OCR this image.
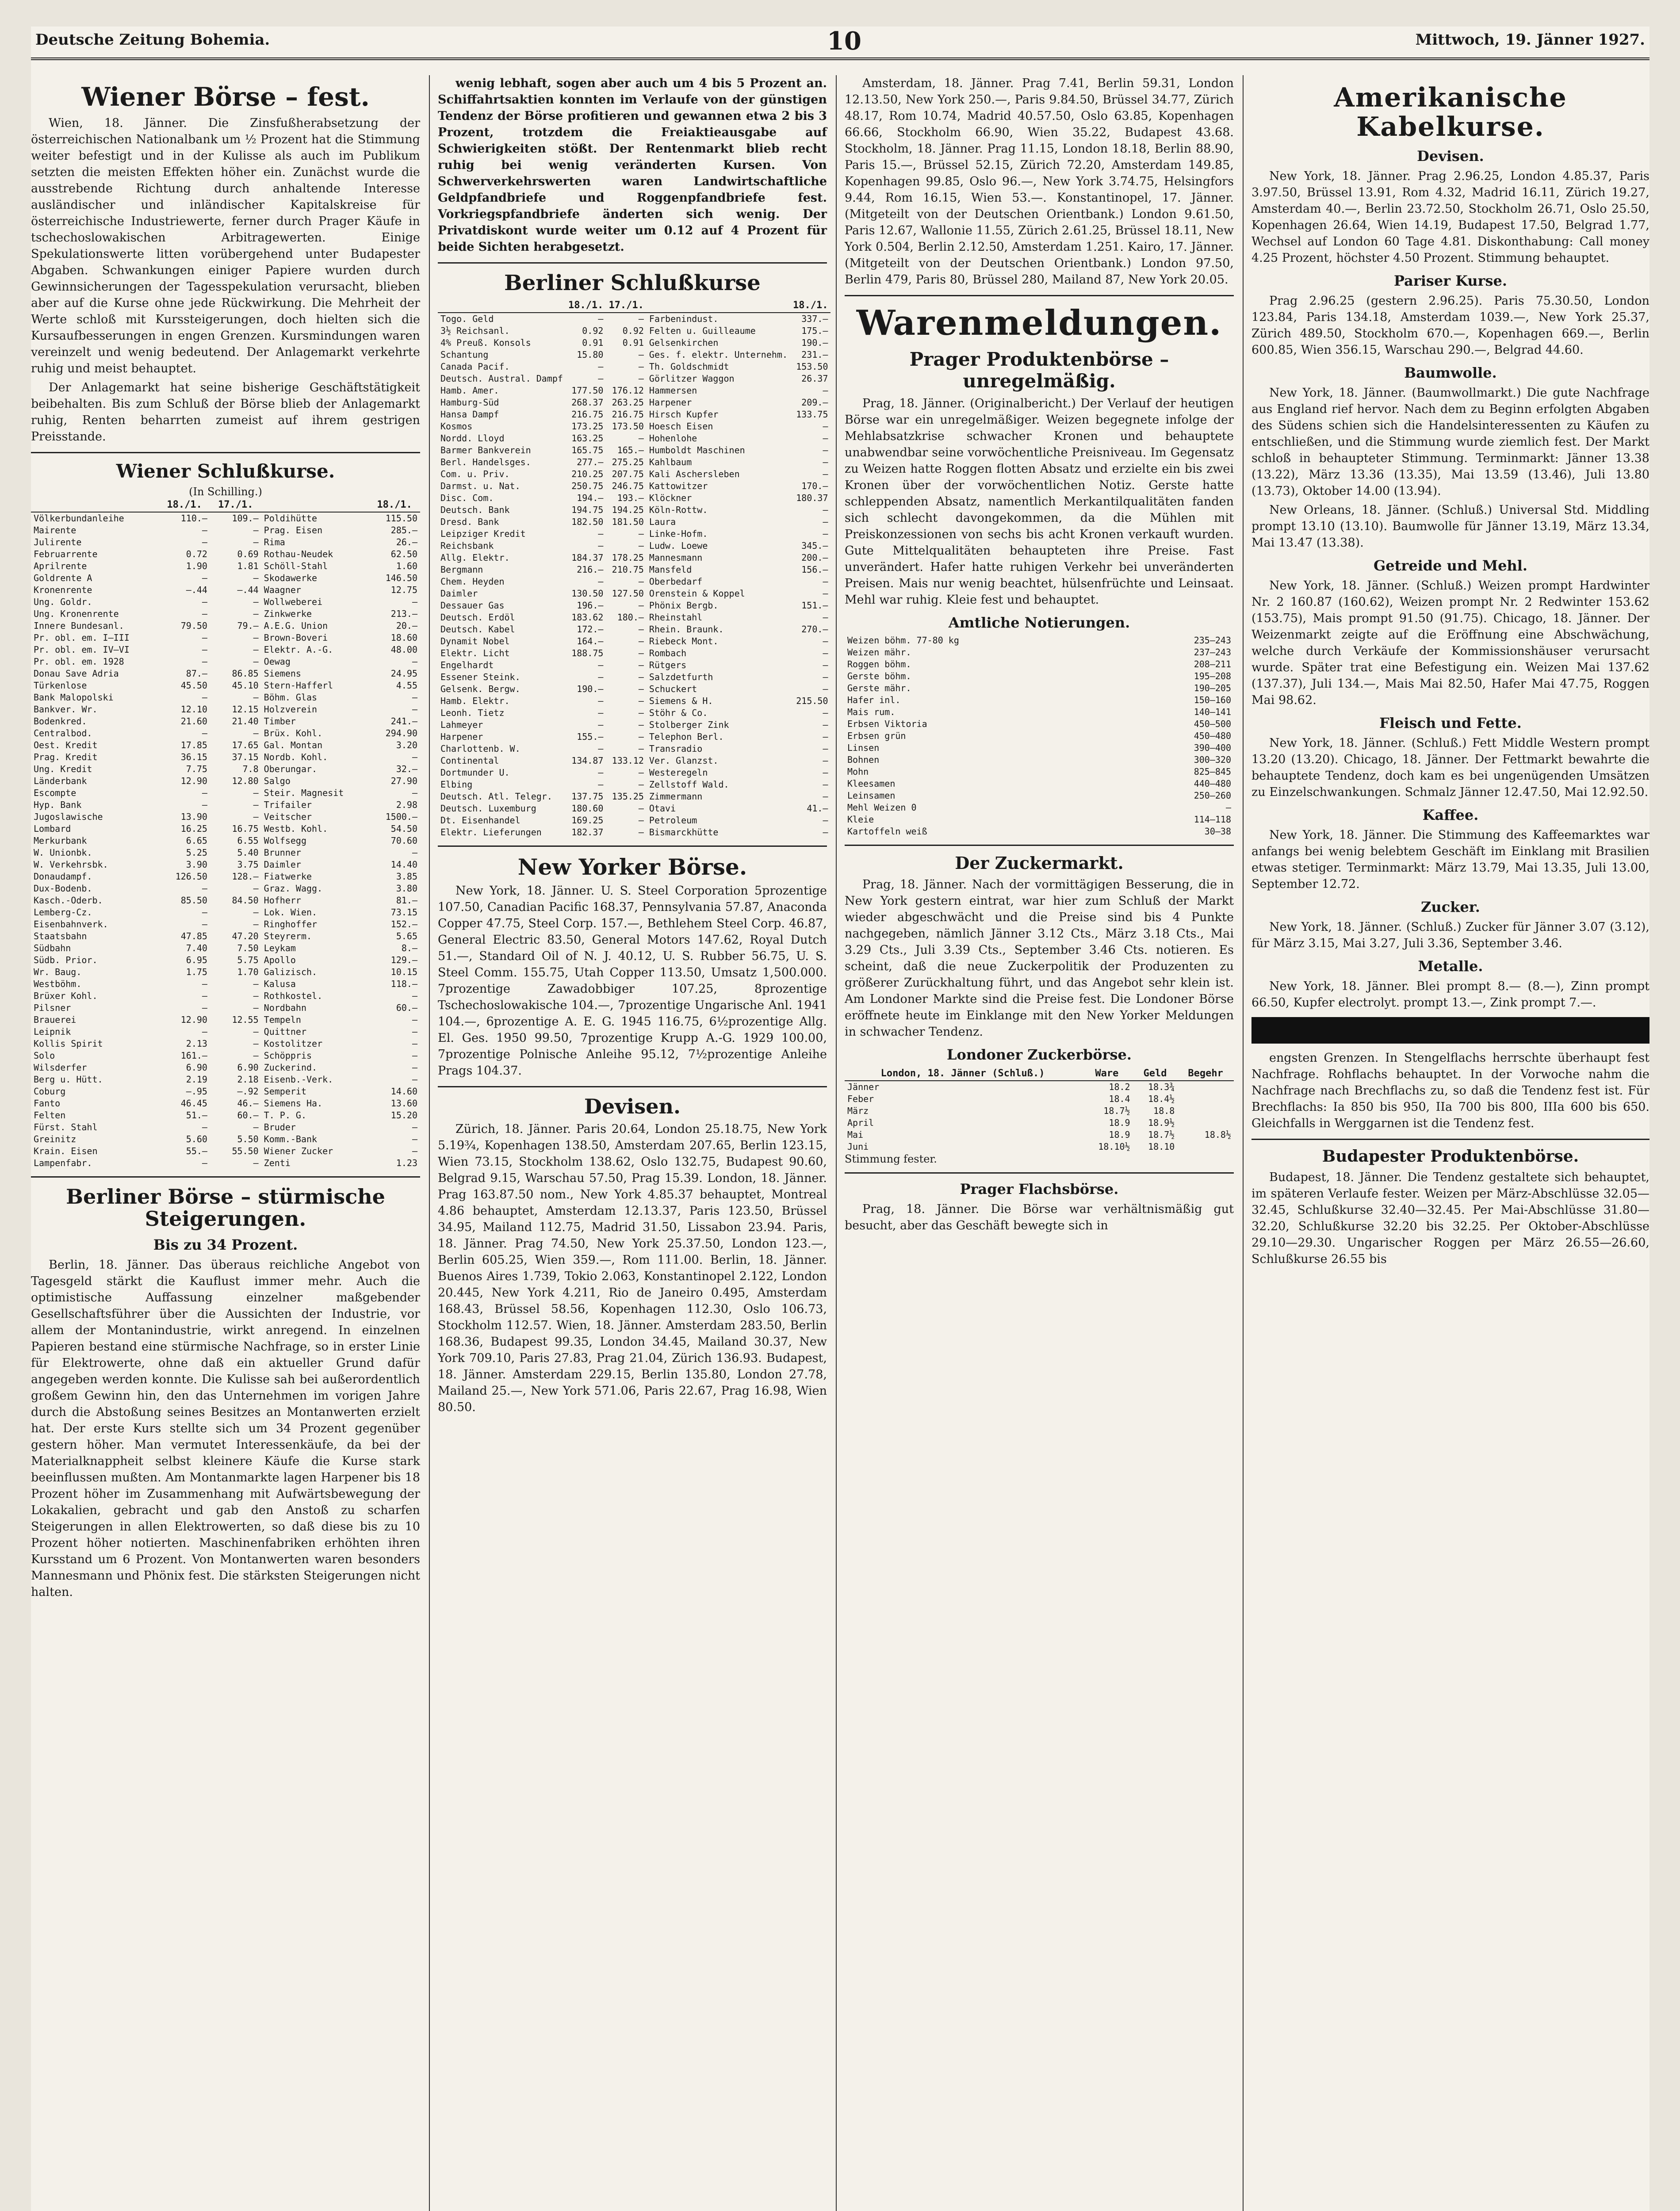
Deutsche Zeitung Bohemia.	10	Mittwoch, 19. Jänner 1927.
Wiener Börse – fest.

Wien, 18. Jänner. Die Zinsfußherabsetzung der österreichischen Nationalbank um ½ Prozent hat die Stimmung weiter befestigt und in der Kulisse als auch im Publikum setzten die meisten Effekten höher ein. Zunächst wurde die ausstrebende Richtung durch anhaltende Interesse ausländischer und inländischer Kapitalskreise für österreichische Industriewerte, ferner durch Prager Käufe in tschechoslowakischen Arbitragewerten. Einige Spekulationswerte litten vorübergehend unter Budapester Abgaben. Schwankungen einiger Papiere wurden durch Gewinnsicherungen der Tagesspekulation verursacht, blieben aber auf die Kurse ohne jede Rückwirkung. Die Mehrheit der Werte schloß mit Kurssteigerungen, doch hielten sich die Kursaufbesserungen in engen Grenzen. Kursmindungen waren vereinzelt und wenig bedeutend. Der Anlagemarkt verkehrte ruhig und meist behauptet.

Der Anlagemarkt hat seine bisherige Geschäftstätigkeit beibehalten. Bis zum Schluß der Börse blieb der Anlagemarkt ruhig, Renten beharrten zumeist auf ihrem gestrigen Preisstande.

Wiener Schlußkurse.
(In Schilling.)
	18./1.	17./1.		18./1.
Völkerbundanleihe	110.—	109.—	Poldihütte	115.50
Mairente	—	—	Prag. Eisen	285.—
Julirente	—	—	Rima	26.—
Februarrente	0.72	0.69	Rothau-Neudek	62.50
Aprilrente	1.90	1.81	Schöll-Stahl	1.60
Goldrente A	—	—	Skodawerke	146.50
Kronenrente	—.44	—.44	Waagner	12.75
Ung. Goldr.	—	—	Wollweberei	—
Ung. Kronenrente	—	—	Zinkwerke	213.—
Innere Bundesanl.	79.50	79.—	A.E.G. Union	20.—
Pr. obl. em. I–III	—	—	Brown-Boveri	18.60
Pr. obl. em. IV–VI	—	—	Elektr. A.-G.	48.00
Pr. obl. em. 1928	—	—	Oewag	—
Donau Save Adria	87.—	86.85	Siemens	24.95
Türkenlose	45.50	45.10	Stern-Hafferl	4.55
Bank Malopolski	—	—	Böhm. Glas	—
Bankver. Wr.	12.10	12.15	Holzverein	—
Bodenkred.	21.60	21.40	Timber	241.—
Centralbod.	—	—	Brüx. Kohl.	294.90
Oest. Kredit	17.85	17.65	Gal. Montan	3.20
Prag. Kredit	36.15	37.15	Nordb. Kohl.	—
Ung. Kredit	7.75	7.8	Oberungar.	32.—
Länderbank	12.90	12.80	Salgo	27.90
Escompte	—	—	Steir. Magnesit	—
Hyp. Bank	—	—	Trifailer	2.98
Jugoslawische	13.90	—	Veitscher	1500.—
Lombard	16.25	16.75	Westb. Kohl.	54.50
Merkurbank	6.65	6.55	Wolfsegg	70.60
W. Unionbk.	5.25	5.40	Brunner	—
W. Verkehrsbk.	3.90	3.75	Daimler	14.40
Donaudampf.	126.50	128.—	Fiatwerke	3.85
Dux-Bodenb.	—	—	Graz. Wagg.	3.80
Kasch.-Oderb.	85.50	84.50	Hofherr	81.—
Lemberg-Cz.	—	—	Lok. Wien.	73.15
Eisenbahnverk.	—	—	Ringhoffer	152.—
Staatsbahn	47.85	47.20	Steyrerm.	5.65
Südbahn	7.40	7.50	Leykam	8.—
Südb. Prior.	6.95	5.75	Apollo	129.—
Wr. Baug.	1.75	1.70	Galizisch.	10.15
Westböhm.	—	—	Kalusa	118.—
Brüxer Kohl.	—	—	Rothkostel.	—
Pilsner	—	—	Nordbahn	60.—
Brauerei	12.90	12.55	Tempeln	—
Leipnik	—	—	Quittner	—
Kollis Spirit	2.13	—	Kostolitzer	—
Solo	161.—	—	Schöppris	—
Wilsderfer	6.90	6.90	Zuckerind.	—
Berg u. Hütt.	2.19	2.18	Eisenb.-Verk.	—
Coburg	—.95	—.92	Semperit	14.60
Fanto	46.45	46.—	Siemens Ha.	13.60
Felten	51.—	60.—	T. P. G.	15.20
Fürst. Stahl	—	—	Bruder	—
Greinitz	5.60	5.50	Komm.-Bank	—
Krain. Eisen	55.—	55.50	Wiener Zucker	—
Lampenfabr.	—	—	Zenti	1.23
Berliner Börse – stürmische Steigerungen.
Bis zu 34 Prozent.

Berlin, 18. Jänner. Das überaus reichliche Angebot von Tagesgeld stärkt die Kauflust immer mehr. Auch die optimistische Auffassung einzelner maßgebender Gesellschaftsführer über die Aussichten der Industrie, vor allem der Montanindustrie, wirkt anregend. In einzelnen Papieren bestand eine stürmische Nachfrage, so in erster Linie für Elektrowerte, ohne daß ein aktueller Grund dafür angegeben werden konnte. Die Kulisse sah bei außerordentlich großem Gewinn hin, den das Unternehmen im vorigen Jahre durch die Abstoßung seines Besitzes an Montanwerten erzielt hat. Der erste Kurs stellte sich um 34 Prozent gegenüber gestern höher. Man vermutet Interessenkäufe, da bei der Materialknappheit selbst kleinere Käufe die Kurse stark beeinflussen mußten. Am Montanmarkte lagen Harpener bis 18 Prozent höher im Zusammenhang mit Aufwärtsbewegung der Lokakalien, gebracht und gab den Anstoß zu scharfen Steigerungen in allen Elektrowerten, so daß diese bis zu 10 Prozent höher notierten. Maschinenfabriken erhöhten ihren Kursstand um 6 Prozent. Von Montanwerten waren besonders Mannesmann und Phönix fest. Die stärksten Steigerungen nicht halten.

wenig lebhaft, sogen aber auch um 4 bis 5 Prozent an. Schiffahrtsaktien konnten im Verlaufe von der günstigen Tendenz der Börse profitieren und gewannen etwa 2 bis 3 Prozent, trotzdem die Freiaktieausgabe auf Schwierigkeiten stößt. Der Rentenmarkt blieb recht ruhig bei wenig veränderten Kursen. Von Schwerverkehrswerten waren Landwirtschaftliche Geldpfandbriefe und Roggenpfandbriefe fest. Vorkriegspfandbriefe änderten sich wenig. Der Privatdiskont wurde weiter um 0.12 auf 4 Prozent für beide Sichten herabgesetzt.

Berliner Schlußkurse
	18./1.	17./1.		18./1.
Togo. Geld	—	—	Farbenindust.	337.—
3½ Reichsanl.	0.92	0.92	Felten u. Guilleaume	175.—
4% Preuß. Konsols	0.91	0.91	Gelsenkirchen	190.—
Schantung	15.80	—	Ges. f. elektr. Unternehm.	231.—
Canada Pacif.	—	—	Th. Goldschmidt	153.50
Deutsch. Austral. Dampf	—	—	Görlitzer Waggon	26.37
Hamb. Amer.	177.50	176.12	Hammersen	—
Hamburg-Süd	268.37	263.25	Harpener	209.—
Hansa Dampf	216.75	216.75	Hirsch Kupfer	133.75
Kosmos	173.25	173.50	Hoesch Eisen	—
Nordd. Lloyd	163.25	—	Hohenlohe	—
Barmer Bankverein	165.75	165.—	Humboldt Maschinen	—
Berl. Handelsges.	277.—	275.25	Kahlbaum	—
Com. u. Priv.	210.25	207.75	Kali Aschersleben	—
Darmst. u. Nat.	250.75	246.75	Kattowitzer	170.—
Disc. Com.	194.—	193.—	Klöckner	180.37
Deutsch. Bank	194.75	194.25	Köln-Rottw.	—
Dresd. Bank	182.50	181.50	Laura	—
Leipziger Kredit	—	—	Linke-Hofm.	—
Reichsbank	—	—	Ludw. Loewe	345.—
Allg. Elektr.	184.37	178.25	Mannesmann	200.—
Bergmann	216.—	210.75	Mansfeld	156.—
Chem. Heyden	—	—	Oberbedarf	—
Daimler	130.50	127.50	Orenstein & Koppel	—
Dessauer Gas	196.—	—	Phönix Bergb.	151.—
Deutsch. Erdöl	183.62	180.—	Rheinstahl	—
Deutsch. Kabel	172.—	—	Rhein. Braunk.	270.—
Dynamit Nobel	164.—	—	Riebeck Mont.	—
Elektr. Licht	188.75	—	Rombach	—
Engelhardt	—	—	Rütgers	—
Essener Steink.	—	—	Salzdetfurth	—
Gelsenk. Bergw.	190.—	—	Schuckert	—
Hamb. Elektr.	—	—	Siemens & H.	215.50
Leonh. Tietz	—	—	Stöhr & Co.	—
Lahmeyer	—	—	Stolberger Zink	—
Harpener	155.—	—	Telephon Berl.	—
Charlottenb. W.	—	—	Transradio	—
Continental	134.87	133.12	Ver. Glanzst.	—
Dortmunder U.	—	—	Westeregeln	—
Elbing	—	—	Zellstoff Wald.	—
Deutsch. Atl. Telegr.	137.75	135.25	Zimmermann	—
Deutsch. Luxemburg	180.60	—	Otavi	41.—
Dt. Eisenhandel	169.25	—	Petroleum	—
Elektr. Lieferungen	182.37	—	Bismarckhütte	—
New Yorker Börse.

New York, 18. Jänner. U. S. Steel Corporation 5prozentige 107.50, Canadian Pacific 168.37, Pennsylvania 57.87, Anaconda Copper 47.75, Steel Corp. 157.—, Bethlehem Steel Corp. 46.87, General Electric 83.50, General Motors 147.62, Royal Dutch 51.—, Standard Oil of N. J. 40.12, U. S. Rubber 56.75, U. S. Steel Comm. 155.75, Utah Copper 113.50, Umsatz 1,500.000. 7prozentige Zawadobbiger 107.25, 8prozentige Tschechoslowakische 104.—, 7prozentige Ungarische Anl. 1941 104.—, 6prozentige A. E. G. 1945 116.75, 6½prozentige Allg. El. Ges. 1950 99.50, 7prozentige Krupp A.-G. 1929 100.00, 7prozentige Polnische Anleihe 95.12, 7½prozentige Anleihe Prags 104.37.

Devisen.

Zürich, 18. Jänner. Paris 20.64, London 25.18.75, New York 5.19¾, Kopenhagen 138.50, Amsterdam 207.65, Berlin 123.15, Wien 73.15, Stockholm 138.62, Oslo 132.75, Budapest 90.60, Belgrad 9.15, Warschau 57.50, Prag 15.39. London, 18. Jänner. Prag 163.87.50 nom., New York 4.85.37 behauptet, Montreal 4.86 behauptet, Amsterdam 12.13.37, Paris 123.50, Brüssel 34.95, Mailand 112.75, Madrid 31.50, Lissabon 23.94. Paris, 18. Jänner. Prag 74.50, New York 25.37.50, London 123.—, Berlin 605.25, Wien 359.—, Rom 111.00. Berlin, 18. Jänner. Buenos Aires 1.739, Tokio 2.063, Konstantinopel 2.122, London 20.445, New York 4.211, Rio de Janeiro 0.495, Amsterdam 168.43, Brüssel 58.56, Kopenhagen 112.30, Oslo 106.73, Stockholm 112.57. Wien, 18. Jänner. Amsterdam 283.50, Berlin 168.36, Budapest 99.35, London 34.45, Mailand 30.37, New York 709.10, Paris 27.83, Prag 21.04, Zürich 136.93. Budapest, 18. Jänner. Amsterdam 229.15, Berlin 135.80, London 27.78, Mailand 25.—, New York 571.06, Paris 22.67, Prag 16.98, Wien 80.50.

Amsterdam, 18. Jänner. Prag 7.41, Berlin 59.31, London 12.13.50, New York 250.—, Paris 9.84.50, Brüssel 34.77, Zürich 48.17, Rom 10.74, Madrid 40.57.50, Oslo 63.85, Kopenhagen 66.66, Stockholm 66.90, Wien 35.22, Budapest 43.68. Stockholm, 18. Jänner. Prag 11.15, London 18.18, Berlin 88.90, Paris 15.—, Brüssel 52.15, Zürich 72.20, Amsterdam 149.85, Kopenhagen 99.85, Oslo 96.—, New York 3.74.75, Helsingfors 9.44, Rom 16.15, Wien 53.—. Konstantinopel, 17. Jänner. (Mitgeteilt von der Deutschen Orientbank.) London 9.61.50, Paris 12.67, Wallonie 11.55, Zürich 2.61.25, Brüssel 18.11, New York 0.504, Berlin 2.12.50, Amsterdam 1.251. Kairo, 17. Jänner. (Mitgeteilt von der Deutschen Orientbank.) London 97.50, Berlin 479, Paris 80, Brüssel 280, Mailand 87, New York 20.05.

Warenmeldungen.
Prager Produktenbörse – unregelmäßig.

Prag, 18. Jänner. (Originalbericht.) Der Verlauf der heutigen Börse war ein unregelmäßiger. Weizen begegnete infolge der Mehlabsatzkrise schwacher Kronen und behauptete unabwendbar seine vorwöchentliche Preisniveau. Im Gegensatz zu Weizen hatte Roggen flotten Absatz und erzielte ein bis zwei Kronen über der vorwöchentlichen Notiz. Gerste hatte schleppenden Absatz, namentlich Merkantilqualitäten fanden sich schlecht davongekommen, da die Mühlen mit Preiskonzessionen von sechs bis acht Kronen verkauft wurden. Gute Mittelqualitäten behaupteten ihre Preise. Fast unverändert. Hafer hatte ruhigen Verkehr bei unveränderten Preisen. Mais nur wenig beachtet, hülsenfrüchte und Leinsaat. Mehl war ruhig. Kleie fest und behauptet.

Amtliche Notierungen.
Weizen böhm. 77-80 kg	235—243
Weizen mähr.	237—243
Roggen böhm.	208—211
Gerste böhm.	195—208
Gerste mähr.	190—205
Hafer inl.	150—160
Mais rum.	140—141
Erbsen Viktoria	450—500
Erbsen grün	450—480
Linsen	390—400
Bohnen	300—320
Mohn	825—845
Kleesamen	440—480
Leinsamen	250—260
Mehl Weizen 0	—
Kleie	114—118
Kartoffeln weiß	30—38
Der Zuckermarkt.

Prag, 18. Jänner. Nach der vormittägigen Besserung, die in New York gestern eintrat, war hier zum Schluß der Markt wieder abgeschwächt und die Preise sind bis 4 Punkte nachgegeben, nämlich Jänner 3.12 Cts., März 3.18 Cts., Mai 3.29 Cts., Juli 3.39 Cts., September 3.46 Cts. notieren. Es scheint, daß die neue Zuckerpolitik der Produzenten zu größerer Zurückhaltung führt, und das Angebot sehr klein ist. Am Londoner Markte sind die Preise fest. Die Londoner Börse eröffnete heute im Einklange mit den New Yorker Meldungen in schwacher Tendenz.

Londoner Zuckerbörse.
London, 18. Jänner (Schluß.)	Ware	Geld	Begehr
Jänner	18.2	18.3¾	
Feber	18.4	18.4½	
März	18.7½	18.8	
April	18.9	18.9½	
Mai	18.9	18.7½	18.8½
Juni	18.10½	18.10	
Stimmung fester.
Prager Flachsbörse.

Prag, 18. Jänner. Die Börse war verhältnismäßig gut besucht, aber das Geschäft bewegte sich in

Amerikanische Kabelkurse.
Devisen.

New York, 18. Jänner. Prag 2.96.25, London 4.85.37, Paris 3.97.50, Brüssel 13.91, Rom 4.32, Madrid 16.11, Zürich 19.27, Amsterdam 40.—, Berlin 23.72.50, Stockholm 26.71, Oslo 25.50, Kopenhagen 26.64, Wien 14.19, Budapest 17.50, Belgrad 1.77, Wechsel auf London 60 Tage 4.81. Diskonthabung: Call money 4.25 Prozent, höchster 4.50 Prozent. Stimmung behauptet.

Pariser Kurse.

Prag 2.96.25 (gestern 2.96.25). Paris 75.30.50, London 123.84, Paris 134.18, Amsterdam 1039.—, New York 25.37, Zürich 489.50, Stockholm 670.—, Kopenhagen 669.—, Berlin 600.85, Wien 356.15, Warschau 290.—, Belgrad 44.60.

Baumwolle.

New York, 18. Jänner. (Baumwollmarkt.) Die gute Nachfrage aus England rief hervor. Nach dem zu Beginn erfolgten Abgaben des Südens schien sich die Handelsinteressenten zu Käufen zu entschließen, und die Stimmung wurde ziemlich fest. Der Markt schloß in behaupteter Stimmung. Terminmarkt: Jänner 13.38 (13.22), März 13.36 (13.35), Mai 13.59 (13.46), Juli 13.80 (13.73), Oktober 14.00 (13.94).

New Orleans, 18. Jänner. (Schluß.) Universal Std. Middling prompt 13.10 (13.10). Baumwolle für Jänner 13.19, März 13.34, Mai 13.47 (13.38).

Getreide und Mehl.

New York, 18. Jänner. (Schluß.) Weizen prompt Hardwinter Nr. 2 160.87 (160.62), Weizen prompt Nr. 2 Redwinter 153.62 (153.75), Mais prompt 91.50 (91.75). Chicago, 18. Jänner. Der Weizenmarkt zeigte auf die Eröffnung eine Abschwächung, welche durch Verkäufe der Kommissionshäuser verursacht wurde. Später trat eine Befestigung ein. Weizen Mai 137.62 (137.37), Juli 134.—, Mais Mai 82.50, Hafer Mai 47.75, Roggen Mai 98.62.

Fleisch und Fette.

New York, 18. Jänner. (Schluß.) Fett Middle Western prompt 13.20 (13.20). Chicago, 18. Jänner. Der Fettmarkt bewahrte die behauptete Tendenz, doch kam es bei ungenügenden Umsätzen zu Einzelschwankungen. Schmalz Jänner 12.47.50, Mai 12.92.50.

Kaffee.

New York, 18. Jänner. Die Stimmung des Kaffeemarktes war anfangs bei wenig belebtem Geschäft im Einklang mit Brasilien etwas stetiger. Terminmarkt: März 13.79, Mai 13.35, Juli 13.00, September 12.72.

Zucker.

New York, 18. Jänner. (Schluß.) Zucker für Jänner 3.07 (3.12), für März 3.15, Mai 3.27, Juli 3.36, September 3.46.

Metalle.

New York, 18. Jänner. Blei prompt 8.— (8.—), Zinn prompt 66.50, Kupfer electrolyt. prompt 13.—, Zink prompt 7.—.

engsten Grenzen. In Stengelflachs herrschte überhaupt fest Nachfrage. Rohflachs behauptet. In der Vorwoche nahm die Nachfrage nach Brechflachs zu, so daß die Tendenz fest ist. Für Brechflachs: Ia 850 bis 950, IIa 700 bis 800, IIIa 600 bis 650. Gleichfalls in Werggarnen ist die Tendenz fest.

Budapester Produktenbörse.

Budapest, 18. Jänner. Die Tendenz gestaltete sich behauptet, im späteren Verlaufe fester. Weizen per März-Abschlüsse 32.05—32.45, Schlußkurse 32.40—32.45. Per Mai-Abschlüsse 31.80—32.20, Schlußkurse 32.20 bis 32.25. Per Oktober-Abschlüsse 29.10—29.30. Ungarischer Roggen per März 26.55—26.60, Schlußkurse 26.55 bis
